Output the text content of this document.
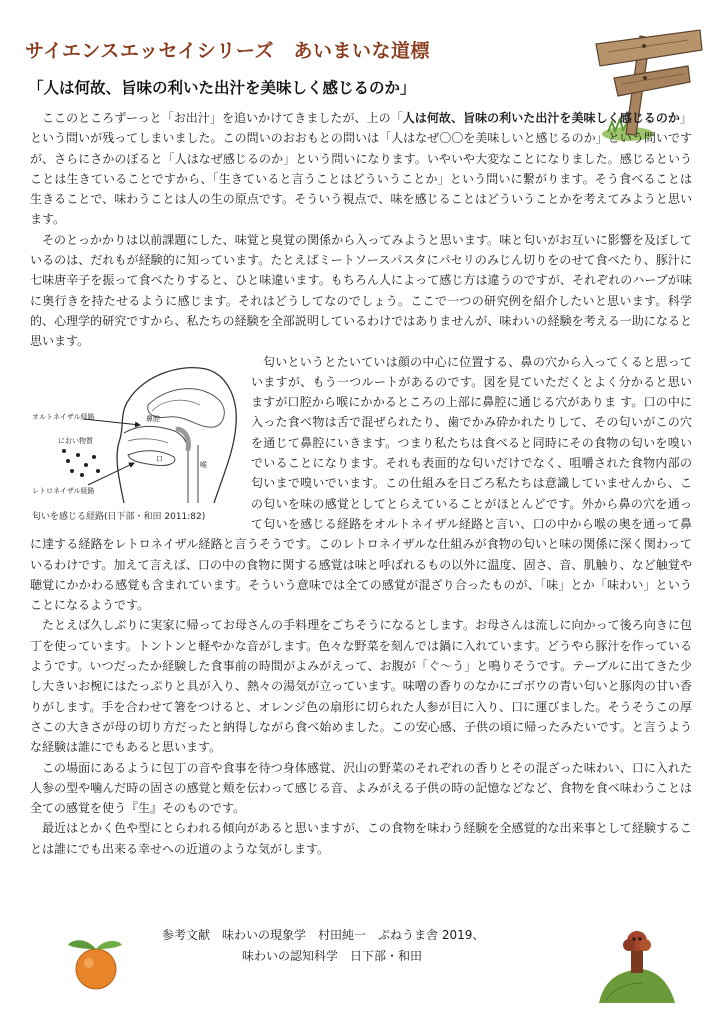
サイエンスエッセイシリーズ　あいまいな道標
「人は何故、旨味の利いた出汁を美味しく感じるのか」

ここのところずーっと「お出汁」を追いかけてきましたが、上の「人は何故、旨味の利いた出汁を美味しく感じるのか」という問いが残ってしまいました。この問いのおおもとの問いは「人はなぜ〇〇を美味しいと感じるのか」という問いですが、さらにさかのぼると「人はなぜ感じるのか」という問いになります。いやいや大変なことになりました。感じるということは生きていることですから、「生きていると言うことはどういうことか」という問いに繋がります。そう食べることは生きることで、味わうことは人の生の原点です。そういう視点で、味を感じることはどういうことかを考えてみようと思います。

そのとっかかりは以前課題にした、味覚と臭覚の関係から入ってみようと思います。味と匂いがお互いに影響を及ぼしているのは、だれもが経験的に知っています。たとえばミートソースパスタにパセリのみじん切りをのせて食べたり、豚汁に七味唐辛子を振って食べたりすると、ひと味違います。もちろん人によって感じ方は違うのですが、それぞれのハーブが味に奥行きを持たせるように感じます。それはどうしてなのでしょう。ここで一つの研究例を紹介したいと思います。科学的、心理学的研究ですから、私たちの経験を全部説明しているわけではありませんが、味わいの経験を考える一助になると思います。

オルトネイザル経路	鼻腔
におい物質
口
喉
レトロネイザル経路
匂いを感じる経路(日下部・和田 2011:82)

匂いというとたいていは顔の中心に位置する、鼻の穴から入ってくると思っていますが、もう一つルートがあるのです。図を見ていただくとよく分かると思いますが口腔から喉にかかるところの上部に鼻腔に通じる穴がありま す。口の中に入った食べ物は舌で混ぜられたり、歯でかみ砕かれたりして、その匂いがこの穴を通じて鼻腔にいきます。つまり私たちは食べると同時にその食物の匂いを嗅いでいることになります。それも表面的な匂いだけでなく、咀嚼された食物内部の匂いまで嗅いでいます。この仕組みを日ごろ私たちは意識していませんから、この匂いを味の感覚としてとらえていることがほとんどです。外から鼻の穴を通って匂いを感じる経路をオルトネイザル経路と言い、口の中から喉の奥を通って鼻に達する経路をレトロネイザル経路と言うそうです。このレトロネイザルな仕組みが食物の匂いと味の関係に深く関わっているわけです。加えて言えば、口の中の食物に関する感覚は味と呼ばれるもの以外に温度、固さ、音、肌触り、など触覚や聴覚にかかわる感覚も含まれています。そういう意味では全ての感覚が混ざり合ったものが、「味」とか「味わい」ということになるようです。

たとえば久しぶりに実家に帰ってお母さんの手料理をごちそうになるとします。お母さんは流しに向かって後ろ向きに包丁を使っています。トントンと軽やかな音がします。色々な野菜を刻んでは鍋に入れています。どうやら豚汁を作っているようです。いつだったか経験した食事前の時間がよみがえって、お腹が「ぐ～う」と鳴りそうです。テーブルに出てきた少し大きいお椀にはたっぷりと具が入り、熱々の湯気が立っています。味噌の香りのなかにゴボウの青い匂いと豚肉の甘い香りがします。手を合わせて箸をつけると、オレンジ色の扇形に切られた人参が目に入り、口に運びました。そうそうこの厚さこの大きさが母の切り方だったと納得しながら食べ始めました。この安心感、子供の頃に帰ったみたいです。と言うような経験は誰にでもあると思います。

この場面にあるように包丁の音や食事を待つ身体感覚、沢山の野菜のそれぞれの香りとその混ざった味わい、口に入れた人参の型や噛んだ時の固さの感覚と頬を伝わって感じる音、よみがえる子供の時の記憶などなど、食物を食べ味わうことは全ての感覚を使う『生』そのものです。

最近はとかく色や型にとらわれる傾向があると思いますが、この食物を味わう経験を全感覚的な出来事として経験することは誰にでも出来る幸せへの近道のような気がします。

参考文献　味わいの現象学　村田純一　ぷねうま舎 2019、
味わいの認知科学　日下部・和田
